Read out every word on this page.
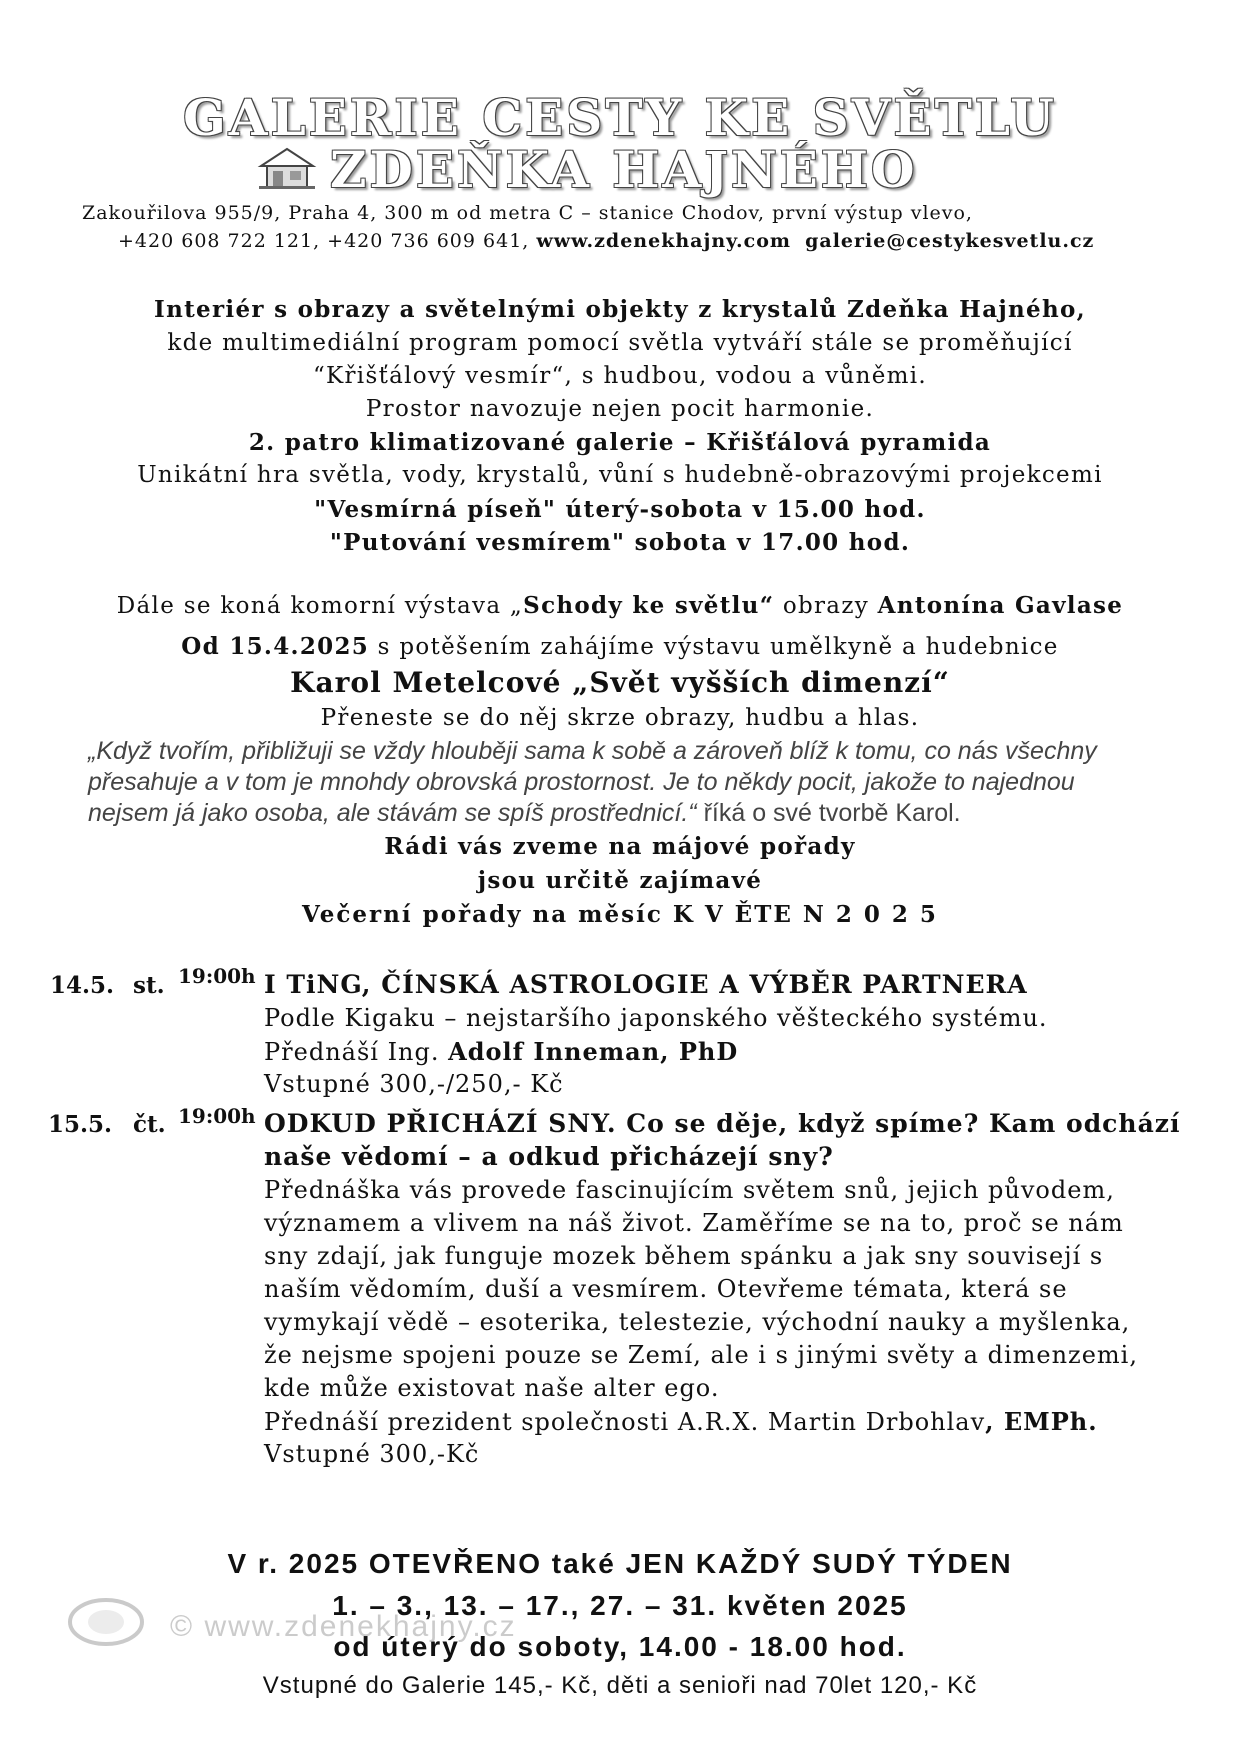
GALERIE CESTY KE SVĚTLU
ZDEŇKA HAJNÉHO
Zakouřilova 955/9, Praha 4, 300 m od metra C – stanice Chodov, první výstup vlevo,
+420 608 722 121, +420 736 609 641, www.zdenekhajny.com galerie@cestykesvetlu.cz
Interiér s obrazy a světelnými objekty z krystalů Zdeňka Hajného,
kde multimediální program pomocí světla vytváří stále se proměňující
“Křišťálový vesmír“, s hudbou, vodou a vůněmi.
Prostor navozuje nejen pocit harmonie.
2. patro klimatizované galerie – Křišťálová pyramida
Unikátní hra světla, vody, krystalů, vůní s hudebně-obrazovými projekcemi
"Vesmírná píseň" úterý-sobota v 15.00 hod.
"Putování vesmírem" sobota v 17.00 hod.
Dále se koná komorní výstava „Schody ke světlu“ obrazy Antonína Gavlase
Od 15.4.2025 s potěšením zahájíme výstavu umělkyně a hudebnice
Karol Metelcové „Svět vyšších dimenzí“
Přeneste se do něj skrze obrazy, hudbu a hlas.
„Když tvořím, přibližuji se vždy hlouběji sama k sobě a zároveň blíž k tomu, co nás všechny
přesahuje a v tom je mnohdy obrovská prostornost. Je to někdy pocit, jakože to najednou
nejsem já jako osoba, ale stávám se spíš prostřednicí.“ říká o své tvorbě Karol.
Rádi vás zveme na májové pořady
jsou určitě zajímavé
Večerní pořady na měsíc K V ĚTE N 2 0 2 5
14.5. st. 19:00h I TiNG, ČÍNSKÁ ASTROLOGIE A VÝBĚR PARTNERA
Podle Kigaku – nejstaršího japonského věšteckého systému.
Přednáší Ing. Adolf Inneman, PhD
Vstupné 300,-/250,- Kč
15.5. čt. 19:00h ODKUD PŘICHÁZÍ SNY. Co se děje, když spíme? Kam odchází
naše vědomí – a odkud přicházejí sny?
Přednáška vás provede fascinujícím světem snů, jejich původem,
významem a vlivem na náš život. Zaměříme se na to, proč se nám
sny zdají, jak funguje mozek během spánku a jak sny souvisejí s
naším vědomím, duší a vesmírem. Otevřeme témata, která se
vymykají vědě – esoterika, telestezie, východní nauky a myšlenka,
že nejsme spojeni pouze se Zemí, ale i s jinými světy a dimenzemi,
kde může existovat naše alter ego.
Přednáší prezident společnosti A.R.X. Martin Drbohlav, EMPh.
Vstupné 300,-Kč
V r. 2025 OTEVŘENO také JEN KAŽDÝ SUDÝ TÝDEN
1. – 3., 13. – 17., 27. – 31. květen 2025
od úterý do soboty, 14.00 - 18.00 hod.
Vstupné do Galerie 145,- Kč, děti a senioři nad 70let 120,- Kč
© www.zdenekhajny.cz
